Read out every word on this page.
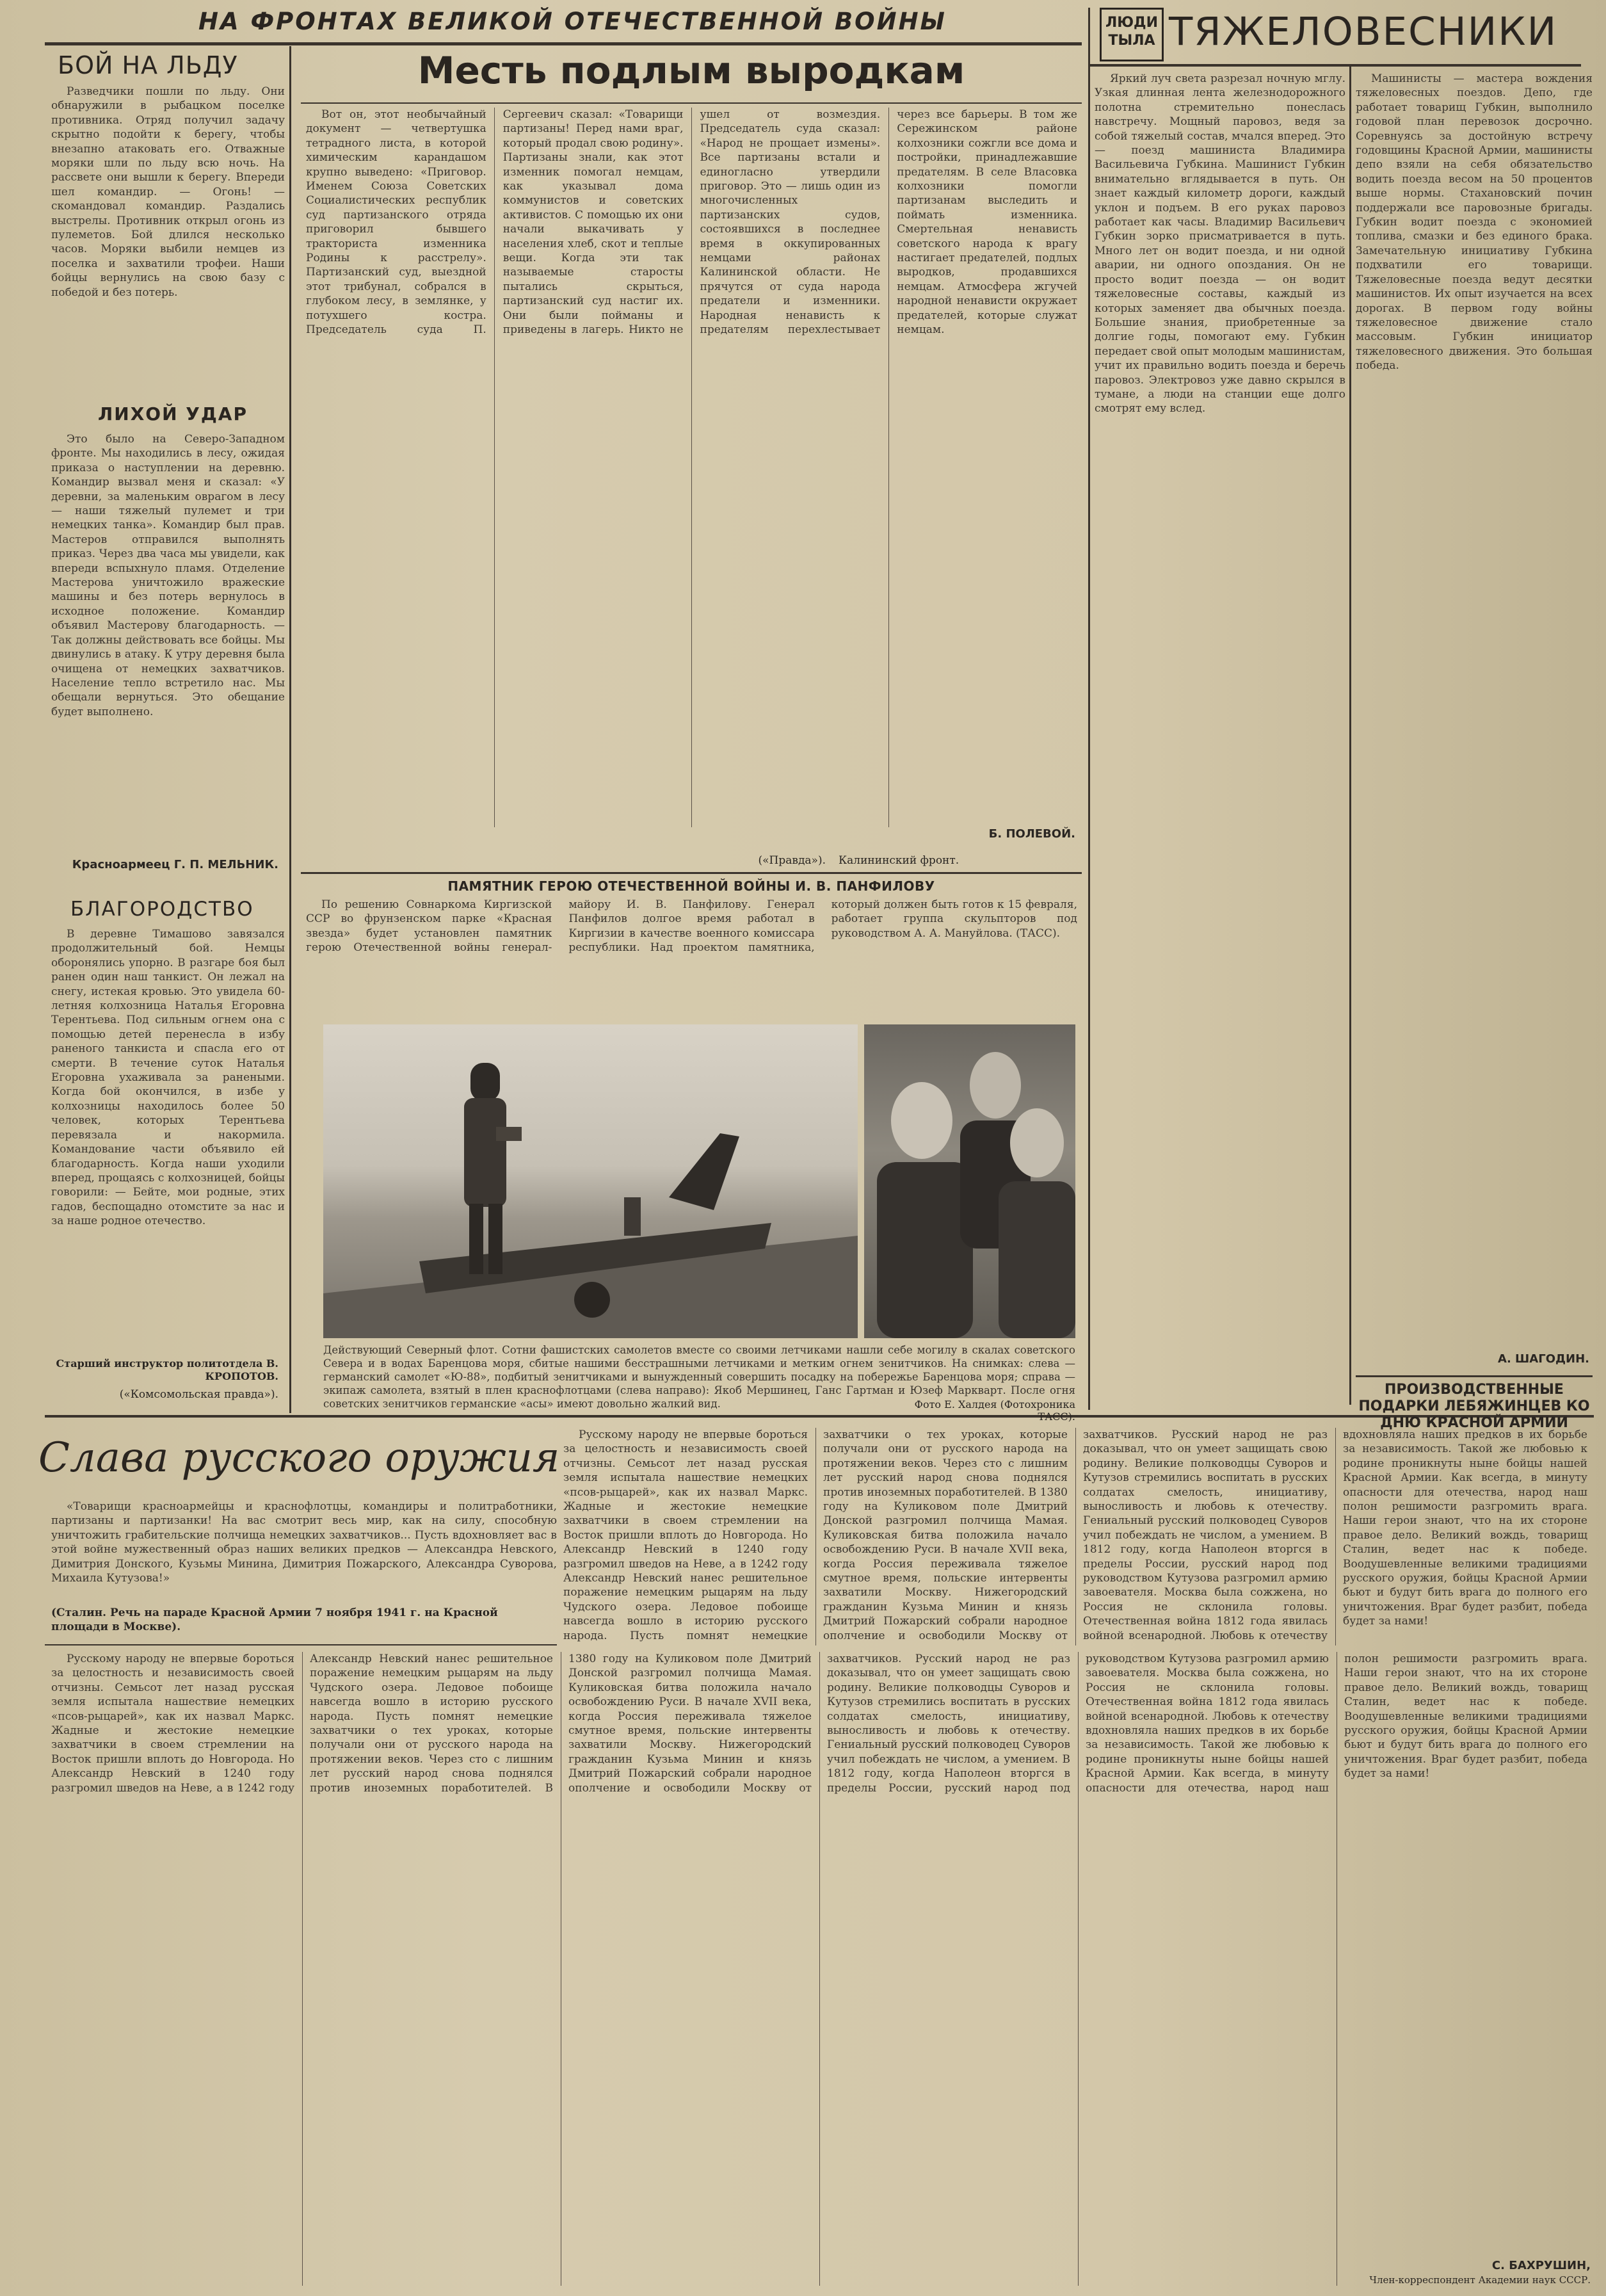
НА ФРОНТАХ ВЕЛИКОЙ ОТЕЧЕСТВЕННОЙ ВОЙНЫ	ЛЮДИ ТЫЛА ТЯЖЕЛОВЕСНИКИ
БОЙ НА ЛЬДУ

Разведчики пошли по льду. Они обнаружили в рыбацком поселке противника. Отряд получил задачу скрытно подойти к берегу, чтобы внезапно атаковать его. Отважные моряки шли по льду всю ночь. На рассвете они вышли к берегу. Впереди шел командир. — Огонь! — скомандовал командир. Раздались выстрелы. Противник открыл огонь из пулеметов. Бой длился несколько часов. Моряки выбили немцев из поселка и захватили трофеи. Наши бойцы вернулись на свою базу с победой и без потерь.

ЛИХОЙ УДАР

Это было на Северо-Западном фронте. Мы находились в лесу, ожидая приказа о наступлении на деревню. Командир вызвал меня и сказал: «У деревни, за маленьким оврагом в лесу — наши тяжелый пулемет и три немецких танка». Командир был прав. Мастеров отправился выполнять приказ. Через два часа мы увидели, как впереди вспыхнуло пламя. Отделение Мастерова уничтожило вражеские машины и без потерь вернулось в исходное положение. Командир объявил Мастерову благодарность. — Так должны действовать все бойцы. Мы двинулись в атаку. К утру деревня была очищена от немецких захватчиков. Население тепло встретило нас. Мы обещали вернуться. Это обещание будет выполнено.

Красноармеец Г. П. МЕЛЬНИК.
БЛАГОРОДСТВО

В деревне Тимашово завязался продолжительный бой. Немцы оборонялись упорно. В разгаре боя был ранен один наш танкист. Он лежал на снегу, истекая кровью. Это увидела 60-летняя колхозница Наталья Егоровна Терентьева. Под сильным огнем она с помощью детей перенесла в избу раненого танкиста и спасла его от смерти. В течение суток Наталья Егоровна ухаживала за ранеными. Когда бой окончился, в избе у колхозницы находилось более 50 человек, которых Терентьева перевязала и накормила. Командование части объявило ей благодарность. Когда наши уходили вперед, прощаясь с колхозницей, бойцы говорили: — Бейте, мои родные, этих гадов, беспощадно отомстите за нас и за наше родное отечество.

Старший инструктор политотдела В. КРОПОТОВ.
(«Комсомольская правда»).
Месть подлым выродкам

Вот он, этот необычайный документ — четвертушка тетрадного листа, в которой химическим карандашом крупно выведено: «Приговор. Именем Союза Советских Социалистических республик суд партизанского отряда приговорил бывшего тракториста изменника Родины к расстрелу». Партизанский суд, выездной этот трибунал, собрался в глубоком лесу, в землянке, у потухшего костра. Председатель суда П. Сергеевич сказал: «Товарищи партизаны! Перед нами враг, который продал свою родину». Партизаны знали, как этот изменник помогал немцам, как указывал дома коммунистов и советских активистов. С помощью их они начали выкачивать у населения хлеб, скот и теплые вещи. Когда эти так называемые старосты пытались скрыться, партизанский суд настиг их. Они были пойманы и приведены в лагерь. Никто не ушел от возмездия. Председатель суда сказал: «Народ не прощает измены». Все партизаны встали и единогласно утвердили приговор. Это — лишь один из многочисленных партизанских судов, состоявшихся в последнее время в оккупированных немцами районах Калининской области. Не прячутся от суда народа предатели и изменники. Народная ненависть к предателям перехлестывает через все барьеры. В том же Сережинском районе колхозники сожгли все дома и постройки, принадлежавшие предателям. В селе Власовка колхозники помогли партизанам выследить и поймать изменника. Смертельная ненависть советского народа к врагу настигает предателей, подлых выродков, продавшихся немцам. Атмосфера жгучей народной ненависти окружает предателей, которые служат немцам.

Б. ПОЛЕВОЙ.
Калининский фронт.
(«Правда»).
ПАМЯТНИК ГЕРОЮ ОТЕЧЕСТВЕННОЙ ВОЙНЫ И. В. ПАНФИЛОВУ

По решению Совнаркома Киргизской ССР во фрунзенском парке «Красная звезда» будет установлен памятник герою Отечественной войны генерал-майору И. В. Панфилову. Генерал Панфилов долгое время работал в Киргизии в качестве военного комиссара республики. Над проектом памятника, который должен быть готов к 15 февраля, работает группа скульпторов под руководством А. А. Мануйлова. (ТАСС).

Действующий Северный флот. Сотни фашистских самолетов вместе со своими летчиками нашли себе могилу в скалах советского Севера и в водах Баренцова моря, сбитые нашими бесстрашными летчиками и метким огнем зенитчиков. На снимках: слева — германский самолет «Ю-88», подбитый зенитчиками и вынужденный совершить посадку на побережье Баренцова моря; справа — экипаж самолета, взятый в плен краснофлотцами (слева направо): Якоб Мершинец, Ганс Гартман и Юзеф Маркварт. После огня советских зенитчиков германские «асы» имеют довольно жалкий вид.	Фото Е. Халдея (Фотохроника ТАСС).

Яркий луч света разрезал ночную мглу. Узкая длинная лента железнодорожного полотна стремительно понеслась навстречу. Мощный паровоз, ведя за собой тяжелый состав, мчался вперед. Это — поезд машиниста Владимира Васильевича Губкина. Машинист Губкин внимательно вглядывается в путь. Он знает каждый километр дороги, каждый уклон и подъем. В его руках паровоз работает как часы. Владимир Васильевич Губкин зорко присматривается в путь. Много лет он водит поезда, и ни одной аварии, ни одного опоздания. Он не просто водит поезда — он водит тяжеловесные составы, каждый из которых заменяет два обычных поезда. Большие знания, приобретенные за долгие годы, помогают ему. Губкин передает свой опыт молодым машинистам, учит их правильно водить поезда и беречь паровоз. Электровоз уже давно скрылся в тумане, а люди на станции еще долго смотрят ему вслед.

Машинисты — мастера вождения тяжеловесных поездов. Депо, где работает товарищ Губкин, выполнило годовой план перевозок досрочно. Соревнуясь за достойную встречу годовщины Красной Армии, машинисты депо взяли на себя обязательство водить поезда весом на 50 процентов выше нормы. Стахановский почин поддержали все паровозные бригады. Губкин водит поезда с экономией топлива, смазки и без единого брака. Замечательную инициативу Губкина подхватили его товарищи. Тяжеловесные поезда ведут десятки машинистов. Их опыт изучается на всех дорогах. В первом году войны тяжеловесное движение стало массовым. Губкин инициатор тяжеловесного движения. Это большая победа.

А. ШАГОДИН.
ПРОИЗВОДСТВЕННЫЕ ПОДАРКИ ЛЕБЯЖИНЦЕВ КО ДНЮ КРАСНОЙ АРМИИ

Слава русского оружия

«Товарищи красноармейцы и краснофлотцы, командиры и политработники, партизаны и партизанки! На вас смотрит весь мир, как на силу, способную уничтожить грабительские полчища немецких захватчиков... Пусть вдохновляет вас в этой войне мужественный образ наших великих предков — Александра Невского, Димитрия Донского, Кузьмы Минина, Димитрия Пожарского, Александра Суворова, Михаила Кутузова!»

(Сталин. Речь на параде Красной Армии 7 ноября 1941 г. на Красной площади в Москве).

Русскому народу не впервые бороться за целостность и независимость своей отчизны. Семьсот лет назад русская земля испытала нашествие немецких «псов-рыцарей», как их назвал Маркс. Жадные и жестокие немецкие захватчики в своем стремлении на Восток пришли вплоть до Новгорода. Но Александр Невский в 1240 году разгромил шведов на Неве, а в 1242 году Александр Невский нанес решительное поражение немецким рыцарям на льду Чудского озера. Ледовое побоище навсегда вошло в историю русского народа. Пусть помнят немецкие захватчики о тех уроках, которые получали они от русского народа на протяжении веков. Через сто с лишним лет русский народ снова поднялся против иноземных поработителей. В 1380 году на Куликовом поле Дмитрий Донской разгромил полчища Мамая. Куликовская битва положила начало освобождению Руси. В начале XVII века, когда Россия переживала тяжелое смутное время, польские интервенты захватили Москву. Нижегородский гражданин Кузьма Минин и князь Дмитрий Пожарский собрали народное ополчение и освободили Москву от захватчиков. Русский народ не раз доказывал, что он умеет защищать свою родину. Великие полководцы Суворов и Кутузов стремились воспитать в русских солдатах смелость, инициативу, выносливость и любовь к отечеству. Гениальный русский полководец Суворов учил побеждать не числом, а умением. В 1812 году, когда Наполеон вторгся в пределы России, русский народ под руководством Кутузова разгромил армию завоевателя. Москва была сожжена, но Россия не склонила головы. Отечественная война 1812 года явилась войной всенародной. Любовь к отечеству вдохновляла наших предков в их борьбе за независимость. Такой же любовью к родине проникнуты ныне бойцы нашей Красной Армии. Как всегда, в минуту опасности для отечества, народ наш полон решимости разгромить врага. Наши герои знают, что на их стороне правое дело. Великий вождь, товарищ Сталин, ведет нас к победе. Воодушевленные великими традициями русского оружия, бойцы Красной Армии бьют и будут бить врага до полного его уничтожения. Враг будет разбит, победа будет за нами!

Русскому народу не впервые бороться за целостность и независимость своей отчизны. Семьсот лет назад русская земля испытала нашествие немецких «псов-рыцарей», как их назвал Маркс. Жадные и жестокие немецкие захватчики в своем стремлении на Восток пришли вплоть до Новгорода. Но Александр Невский в 1240 году разгромил шведов на Неве, а в 1242 году Александр Невский нанес решительное поражение немецким рыцарям на льду Чудского озера. Ледовое побоище навсегда вошло в историю русского народа. Пусть помнят немецкие захватчики о тех уроках, которые получали они от русского народа на протяжении веков. Через сто с лишним лет русский народ снова поднялся против иноземных поработителей. В 1380 году на Куликовом поле Дмитрий Донской разгромил полчища Мамая. Куликовская битва положила начало освобождению Руси. В начале XVII века, когда Россия переживала тяжелое смутное время, польские интервенты захватили Москву. Нижегородский гражданин Кузьма Минин и князь Дмитрий Пожарский собрали народное ополчение и освободили Москву от захватчиков. Русский народ не раз доказывал, что он умеет защищать свою родину. Великие полководцы Суворов и Кутузов стремились воспитать в русских солдатах смелость, инициативу, выносливость и любовь к отечеству. Гениальный русский полководец Суворов учил побеждать не числом, а умением. В 1812 году, когда Наполеон вторгся в пределы России, русский народ под руководством Кутузова разгромил армию завоевателя. Москва была сожжена, но Россия не склонила головы. Отечественная война 1812 года явилась войной всенародной. Любовь к отечеству вдохновляла наших предков в их борьбе за независимость. Такой же любовью к родине проникнуты ныне бойцы нашей Красной Армии. Как всегда, в минуту опасности для отечества, народ наш полон решимости разгромить врага. Наши герои знают, что на их стороне правое дело. Великий вождь, товарищ Сталин, ведет нас к победе. Воодушевленные великими традициями русского оружия, бойцы Красной Армии бьют и будут бить врага до полного его уничтожения. Враг будет разбит, победа будет за нами!

С. БАХРУШИН,
Член-корреспондент Академии наук СССР.
